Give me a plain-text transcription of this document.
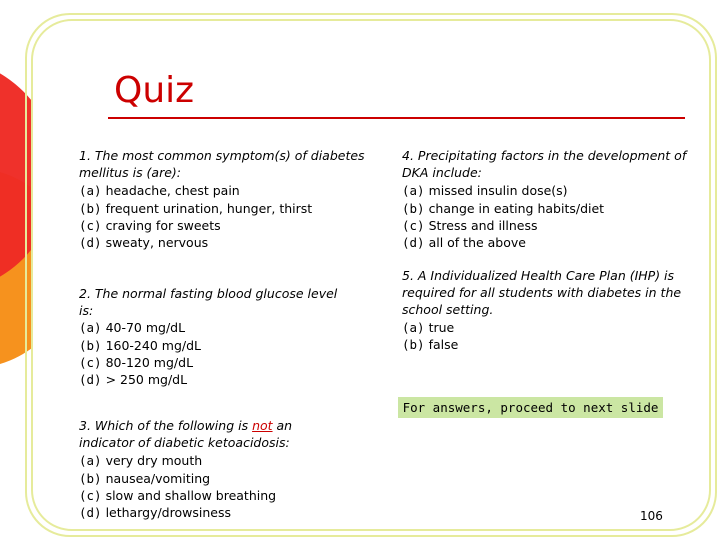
Quiz
1. The most common symptom(s) of diabetes mellitus is (are):
(a) headache, chest pain
(b) frequent urination, hunger, thirst
(c) craving for sweets
(d) sweaty, nervous
2. The normal fasting blood glucose level is:
(a) 40-70 mg/dL
(b) 160-240 mg/dL
(c) 80-120 mg/dL
(d) > 250 mg/dL
3. Which of the following is not an indicator of diabetic ketoacidosis:
(a) very dry mouth
(b) nausea/vomiting
(c) slow and shallow breathing
(d) lethargy/drowsiness
4. Precipitating factors in the development of DKA include:
(a) missed insulin dose(s)
(b) change in eating habits/diet
(c) Stress and illness
(d) all of the above
5. A Individualized Health Care Plan (IHP) is required for all students with diabetes in the school setting.
(a) true
(b) false
For answers, proceed to next slide
106
